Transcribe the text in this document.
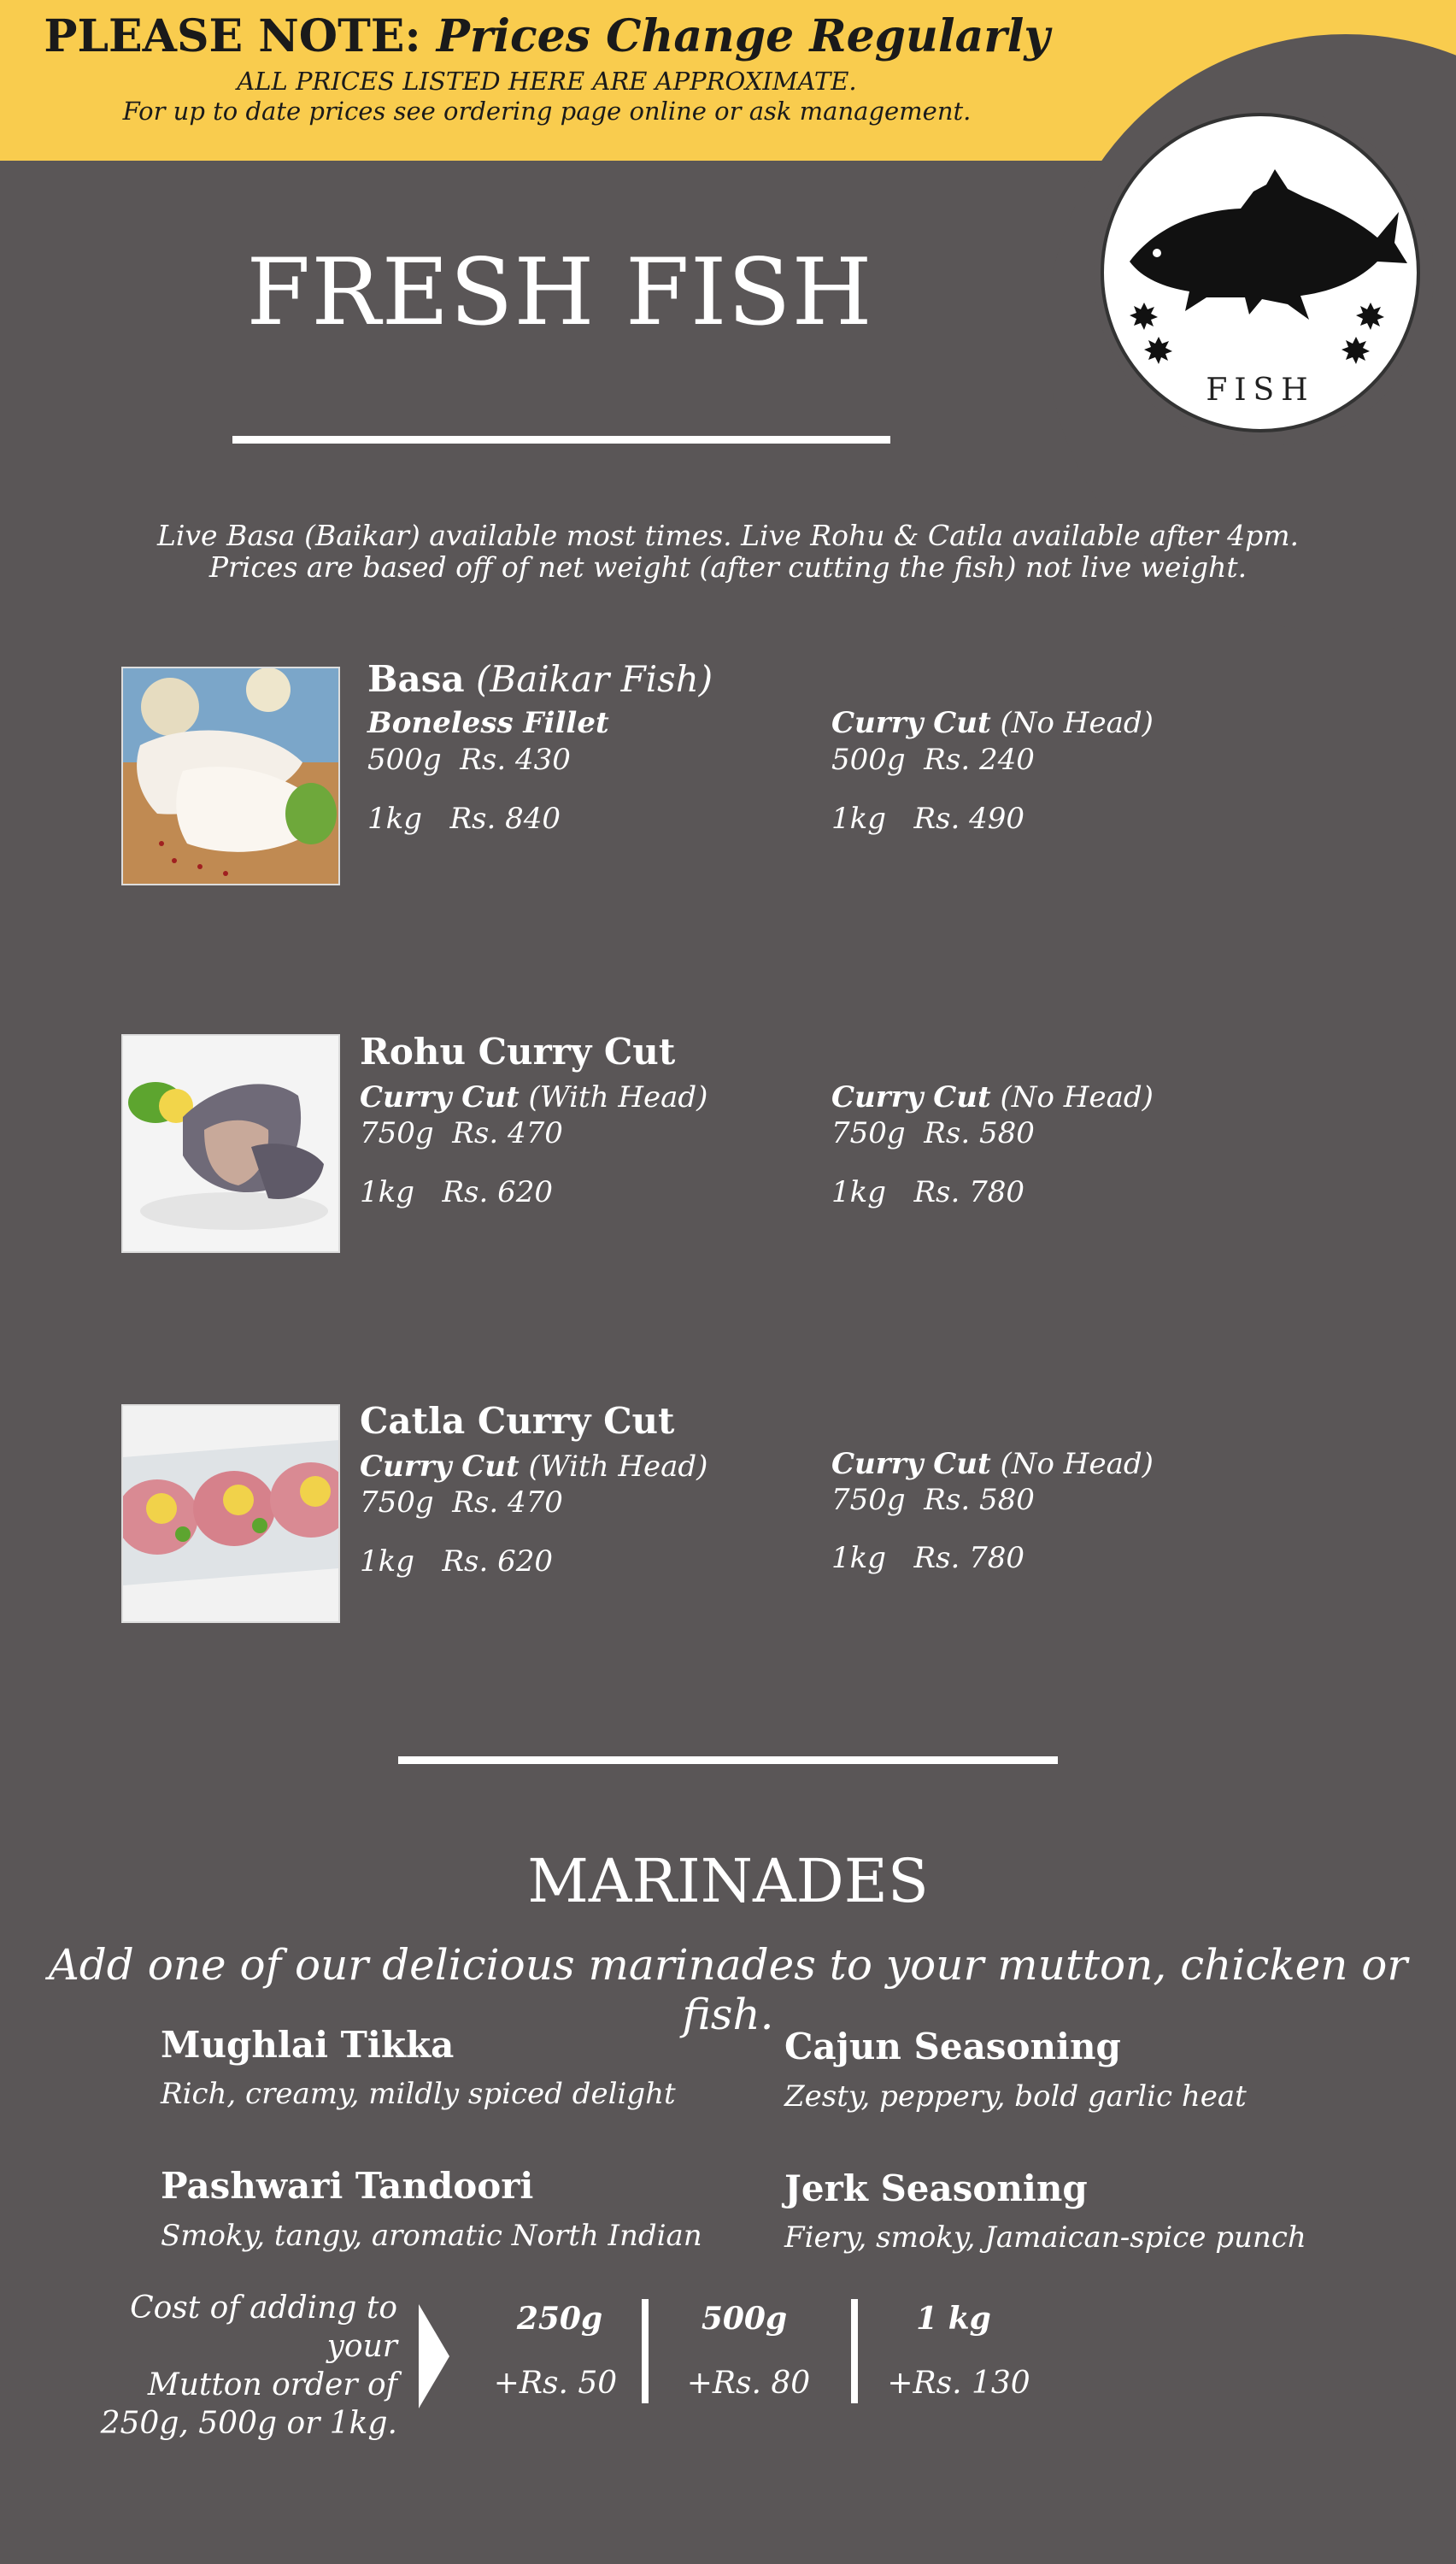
PLEASE NOTE: Prices Change Regularly
ALL PRICES LISTED HERE ARE APPROXIMATE.
For up to date prices see ordering page online or ask management.
FISH
FRESH FISH
Live Basa (Baikar) available most times. Live Rohu & Catla available after 4pm.
Prices are based off of net weight (after cutting the fish) not live weight.
Basa (Baikar Fish)
Boneless Fillet
500g Rs. 430
1kg Rs. 840
Curry Cut (No Head)
500g Rs. 240
1kg Rs. 490
Rohu Curry Cut
Curry Cut (With Head)
750g Rs. 470
1kg Rs. 620
Curry Cut (No Head)
750g Rs. 580
1kg Rs. 780
Catla Curry Cut
Curry Cut (With Head)
750g Rs. 470
1kg Rs. 620
Curry Cut (No Head)
750g Rs. 580
1kg Rs. 780
MARINADES
Add one of our delicious marinades to your mutton, chicken or fish.
Mughlai Tikka
Rich, creamy, mildly spiced delight
Cajun Seasoning
Zesty, peppery, bold garlic heat
Pashwari Tandoori
Smoky, tangy, aromatic North Indian
Jerk Seasoning
Fiery, smoky, Jamaican-spice punch
Cost of adding to your
Mutton order of
250g, 500g or 1kg.
250g
+Rs. 50
500g
+Rs. 80
1 kg
+Rs. 130
